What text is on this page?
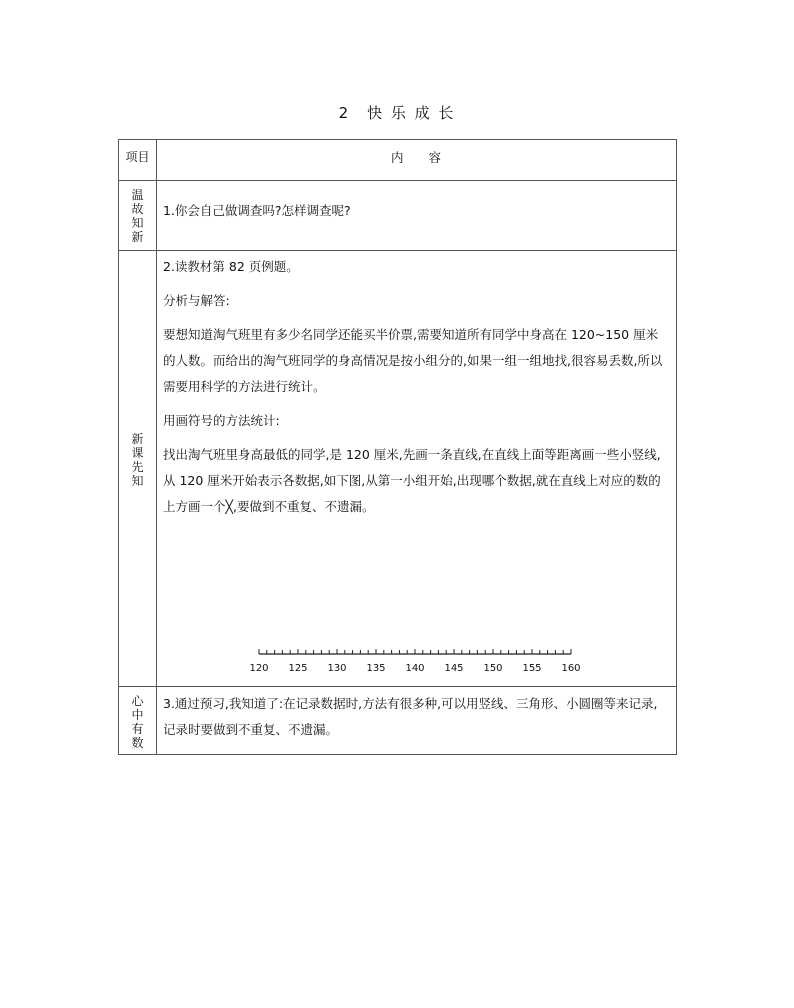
2　快 乐 成 长
项目	内　　容
温
故
知
新

1.你会自己做调查吗?怎样调查呢?

新
课
先
知

2.读教材第 82 页例题。

分析与解答:

要想知道淘气班里有多少名同学还能买半价票,需要知道所有同学中身高在 120~150 厘米的人数。而给出的淘气班同学的身高情况是按小组分的,如果一组一组地找,很容易丢数,所以需要用科学的方法进行统计。

用画符号的方法统计:

找出淘气班里身高最低的同学,是 120 厘米,先画一条直线,在直线上面等距离画一些小竖线,从 120 厘米开始表示各数据,如下图,从第一小组开始,出现哪个数据,就在直线上对应的数的上方画一个╳,要做到不重复、不遗漏。

120 125 130 135 140 145 150 155 160
心
中
有
数

3.通过预习,我知道了:在记录数据时,方法有很多种,可以用竖线、三角形、小圆圈等来记录,记录时要做到不重复、不遗漏。
